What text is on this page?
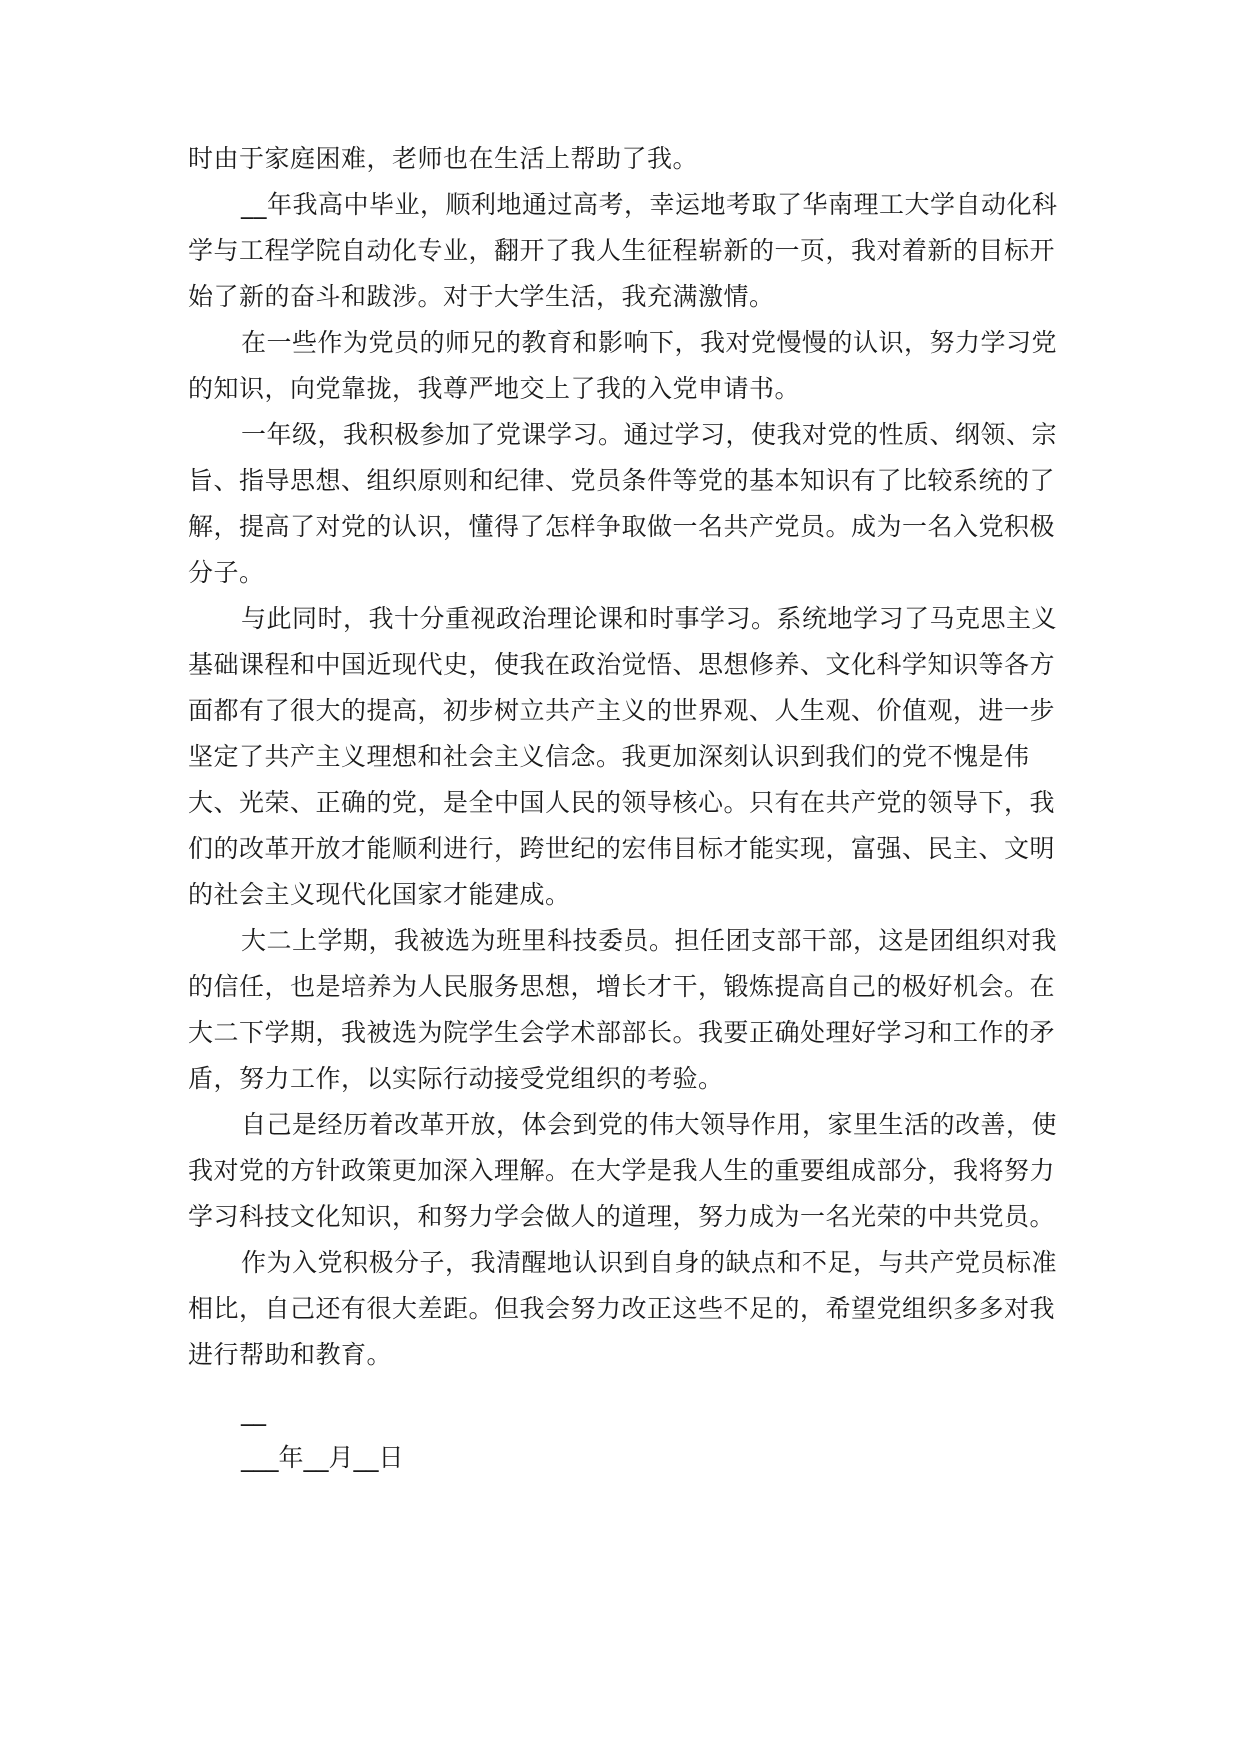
时由于家庭困难，老师也在生活上帮助了我。

__年我高中毕业，顺利地通过高考，幸运地考取了华南理工大学自动化科

学与工程学院自动化专业，翻开了我人生征程崭新的一页，我对着新的目标开

始了新的奋斗和跋涉。对于大学生活，我充满激情。

在一些作为党员的师兄的教育和影响下，我对党慢慢的认识，努力学习党

的知识，向党靠拢，我尊严地交上了我的入党申请书。

一年级，我积极参加了党课学习。通过学习，使我对党的性质、纲领、宗

旨、指导思想、组织原则和纪律、党员条件等党的基本知识有了比较系统的了

解，提高了对党的认识，懂得了怎样争取做一名共产党员。成为一名入党积极

分子。

与此同时，我十分重视政治理论课和时事学习。系统地学习了马克思主义

基础课程和中国近现代史，使我在政治觉悟、思想修养、文化科学知识等各方

面都有了很大的提高，初步树立共产主义的世界观、人生观、价值观，进一步

坚定了共产主义理想和社会主义信念。我更加深刻认识到我们的党不愧是伟

大、光荣、正确的党，是全中国人民的领导核心。只有在共产党的领导下，我

们的改革开放才能顺利进行，跨世纪的宏伟目标才能实现，富强、民主、文明

的社会主义现代化国家才能建成。

大二上学期，我被选为班里科技委员。担任团支部干部，这是团组织对我

的信任，也是培养为人民服务思想，增长才干，锻炼提高自己的极好机会。在

大二下学期，我被选为院学生会学术部部长。我要正确处理好学习和工作的矛

盾，努力工作，以实际行动接受党组织的考验。

自己是经历着改革开放，体会到党的伟大领导作用，家里生活的改善，使

我对党的方针政策更加深入理解。在大学是我人生的重要组成部分，我将努力

学习科技文化知识，和努力学会做人的道理，努力成为一名光荣的中共党员。

作为入党积极分子，我清醒地认识到自身的缺点和不足，与共产党员标准

相比，自己还有很大差距。但我会努力改正这些不足的，希望党组织多多对我

进行帮助和教育。

__

___年__月__日
